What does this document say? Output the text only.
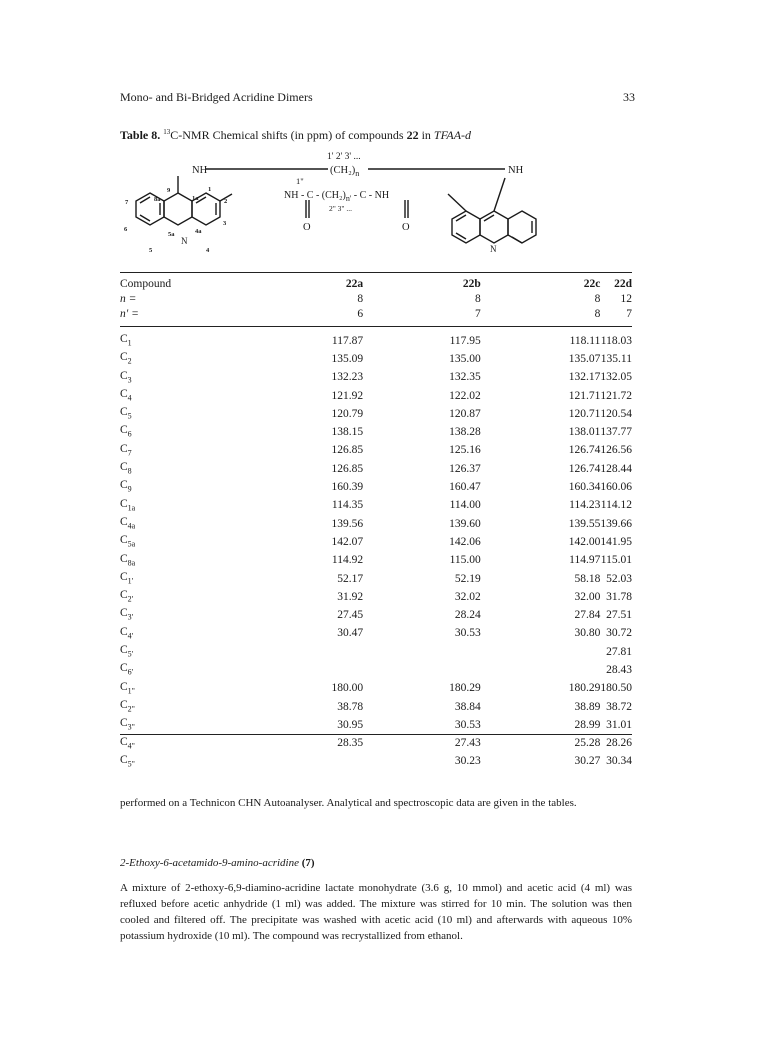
Mono- and Bi-Bridged Acridine Dimers	33
Table 8. $^{13}$C-NMR Chemical shifts (in ppm) of compounds 22 in TFAA-d
NH	NH
1' 2' 3' ...
$(CH_2)_n$
1"
NH - C - $(CH_2)_{n'}$ - C - NH
2" 3" ...
O	O
N
N
9
8a
1
1a	2
7
3
6
5a	4a
5	4
Compound	22a	22b	22c	22d
n =	8	8	8	12
n' =	6	7	8	7

$C_1$	117.87	117.95	118.11	118.03
$C_2$	135.09	135.00	135.07	135.11
$C_3$	132.23	132.35	132.17	132.05
$C_4$	121.92	122.02	121.71	121.72
$C_5$	120.79	120.87	120.71	120.54
$C_6$	138.15	138.28	138.01	137.77
$C_7$	126.85	125.16	126.74	126.56
$C_8$	126.85	126.37	126.74	128.44
$C_9$	160.39	160.47	160.34	160.06
$C_{1a}$	114.35	114.00	114.23	114.12
$C_{4a}$	139.56	139.60	139.55	139.66
$C_{5a}$	142.07	142.06	142.00	141.95
$C_{8a}$	114.92	115.00	114.97	115.01
$C_{1'}$	52.17	52.19	58.18	52.03
$C_{2'}$	31.92	32.02	32.00	31.78
$C_{3'}$	27.45	28.24	27.84	27.51
$C_{4'}$	30.47	30.53	30.80	30.72
$C_{5'}$				27.81
$C_{6'}$				28.43
$C_{1"}$	180.00	180.29	180.29	180.50
$C_{2"}$	38.78	38.84	38.89	38.72
$C_{3"}$	30.95	30.53	28.99	31.01
$C_{4"}$	28.35	27.43	25.28	28.26
$C_{5"}$		30.23	30.27	30.34
performed on a Technicon CHN Autoanalyser. Analytical and spectroscopic data are given in the tables.
2-Ethoxy-6-acetamido-9-amino-acridine (7)
A mixture of 2-ethoxy-6,9-diamino-acridine lactate monohydrate (3.6 g, 10 mmol) and acetic acid (4 ml) was refluxed before acetic anhydride (1 ml) was added. The mixture was stirred for 10 min. The solution was then cooled and filtered off. The precipitate was washed with acetic acid (10 ml) and afterwards with aqueous 10% potassium hydroxide (10 ml). The compound was recrystallized from ethanol.
